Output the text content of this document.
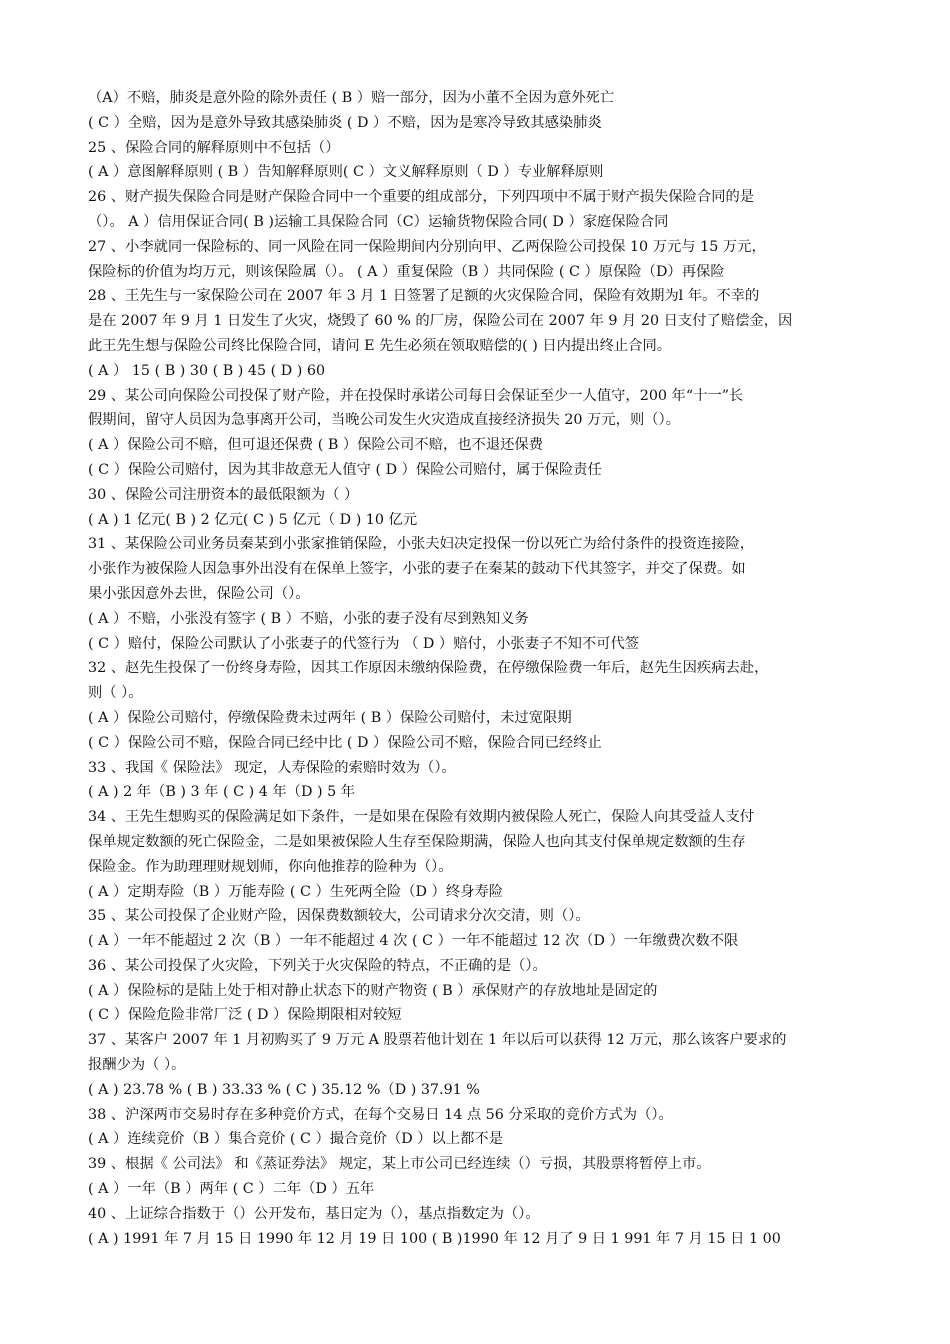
（A）不赔，肺炎是意外险的除外责任 ( B ）赔一部分，因为小董不全因为意外死亡
( C ）全赔，因为是意外导致其感染肺炎 ( D ）不赔，因为是寒冷导致其感染肺炎
25 、保险合同的解释原则中不包括（）
( A ）意图解释原则 ( B ）告知解释原则( C ）文义解释原则（ D ）专业解释原则
26 、财产损失保险合同是财产保险合同中一个重要的组成部分，下列四项中不属于财产损失保险合同的是
（）。 A ）信用保证合同( B )运输工具保险合同（C）运输货物保险合同( D ）家庭保险合同
27 、小李就同一保险标的、同一风险在同一保险期间内分别向甲、乙两保险公司投保 10 万元与 15 万元，
保险标的价值为均万元，则该保险属（）。 ( A ）重复保险（B ）共同保险 ( C ）原保险（D）再保险
28 、王先生与一家保险公司在 2007 年 3 月 1 日签署了足额的火灾保险合同，保险有效期为l 年。不幸的
是在 2007 年 9 月 1 日发生了火灾，烧毁了 60 % 的厂房，保险公司在 2007 年 9 月 20 日支付了赔偿金，因
此王先生想与保险公司终比保险合同，请问 E 先生必须在领取赔偿的( ) 日内提出终止合同。
( A ） 15 ( B ) 30 ( B ) 45 ( D ) 60
29 、某公司向保险公司投保了财产险，并在投保时承诺公司每日会保证至少一人值守，200 年“十一”长
假期间，留守人员因为急事离开公司，当晚公司发生火灾造成直接经济损失 20 万元，则（）。
( A ）保险公司不赔，但可退还保费 ( B ）保险公司不赔，也不退还保费
( C ）保险公司赔付，因为其非故意无人值守 ( D ）保险公司赔付，属于保险责任
30 、保险公司注册资本的最低限额为（ ）
( A ) 1 亿元( B ) 2 亿元( C ) 5 亿元（ D ) 10 亿元
31 、某保险公司业务员秦某到小张家推销保险，小张夫妇决定投保一份以死亡为给付条件的投资连接险，
小张作为被保险人因急事外出没有在保单上签字，小张的妻子在秦某的鼓动下代其签字，并交了保费。如
果小张因意外去世，保险公司（）。
( A ）不赔，小张没有签字 ( B ）不赔，小张的妻子没有尽到熟知义务
( C ）赔付，保险公司默认了小张妻子的代签行为 （ D ）赔付，小张妻子不知不可代签
32 、赵先生投保了一份终身寿险，因其工作原因未缴纳保险费，在停缴保险费一年后，赵先生因疾病去赴，
则（ ）。
( A ）保险公司赔付，停缴保险费未过两年 ( B ）保险公司赔付，未过宽限期
( C ）保险公司不赔，保险合同已经中比 ( D ）保险公司不赔，保险合同已经终止
33 、我国《 保险法》 现定，人寿保险的索赔时效为（）。
( A ) 2 年（B ) 3 年 ( C ) 4 年（D ) 5 年
34 、王先生想购买的保险满足如下条件，一是如果在保险有效期内被保险人死亡，保险人向其受益人支付
保单规定数额的死亡保险金，二是如果被保险人生存至保险期满，保险人也向其支付保单规定数额的生存
保险金。作为助理理财规划师，你向他推荐的险种为（）。
( A ）定期寿险（B ）万能寿险 ( C ）生死两全险（D ）终身寿险
35 、某公司投保了企业财产险，因保费数额较大，公司请求分次交清，则（）。
( A ）一年不能超过 2 次（B ）一年不能超过 4 次 ( C ）一年不能超过 12 次（D ）一年缴费次数不限
36 、某公司投保了火灾险，下列关于火灾保险的特点，不正确的是（）。
( A ）保险标的是陆上处于相对静止状态下的财产物资 ( B ）承保财产的存放地址是固定的
( C ）保险危险非常厂泛 ( D ）保险期限相对较短
37 、某客户 2007 年 1 月初购买了 9 万元 A 股票若他计划在 1 年以后可以获得 12 万元，那么该客户要求的
报酬少为（ ）。
( A ) 23.78 % ( B ) 33.33 % ( C ) 35.12 %（D ) 37.91 %
38 、沪深两市交易时存在多种竞价方式，在每个交易日 14 点 56 分采取的竞价方式为（）。
( A ）连续竞价（B ）集合竞价 ( C ）撮合竞价（D ）以上都不是
39 、根据《 公司法》 和《蒸证券法》 规定，某上市公司已经连续（）亏损，其股票将暂停上市。
( A ）一年（B ）两年 ( C ）二年（D ）五年
40 、上证综合指数于（）公开发布，基日定为（），基点指数定为（）。
( A ) 1991 年 7 月 15 日 1990 年 12 月 19 日 100 ( B )1990 年 12 月了 9 日 1 991 年 7 月 15 日 1 00
